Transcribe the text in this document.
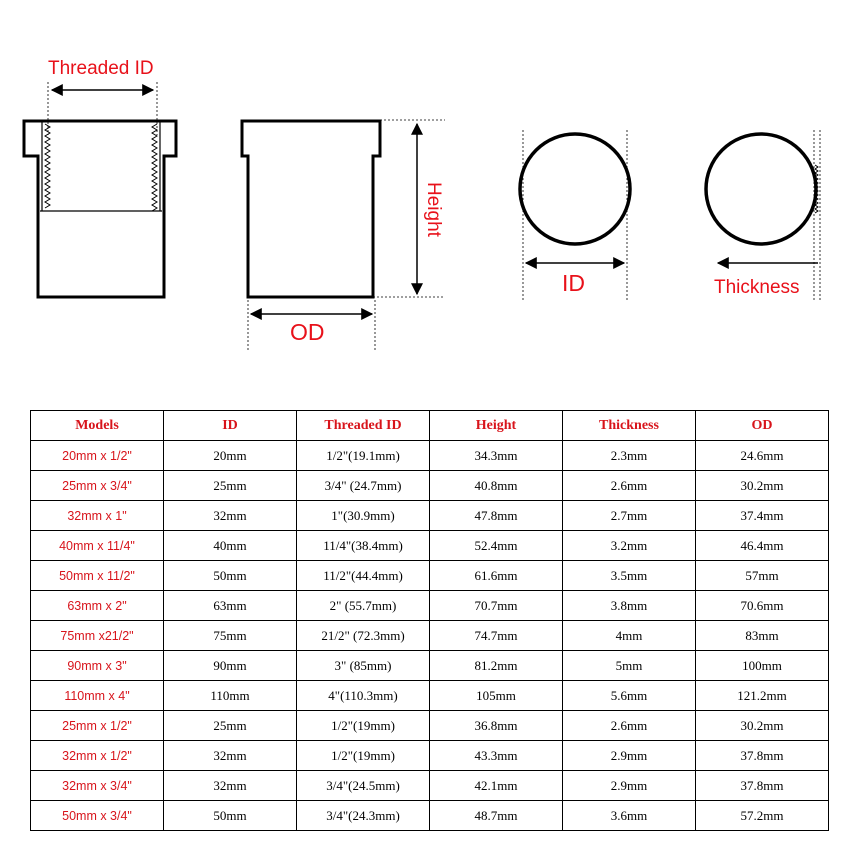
Threaded ID
Height
OD
ID	Thickness
Models	ID	Threaded ID	Height	Thickness	OD
20mm x 1/2"	20mm	1/2"(19.1mm)	34.3mm	2.3mm	24.6mm
25mm x 3/4"	25mm	3/4" (24.7mm)	40.8mm	2.6mm	30.2mm
32mm x 1"	32mm	1"(30.9mm)	47.8mm	2.7mm	37.4mm
40mm x 11/4"	40mm	11/4"(38.4mm)	52.4mm	3.2mm	46.4mm
50mm x 11/2"	50mm	11/2"(44.4mm)	61.6mm	3.5mm	57mm
63mm x 2"	63mm	2" (55.7mm)	70.7mm	3.8mm	70.6mm
75mm x21/2"	75mm	21/2" (72.3mm)	74.7mm	4mm	83mm
90mm x 3"	90mm	3" (85mm)	81.2mm	5mm	100mm
110mm x 4"	110mm	4"(110.3mm)	105mm	5.6mm	121.2mm
25mm x 1/2"	25mm	1/2"(19mm)	36.8mm	2.6mm	30.2mm
32mm x 1/2"	32mm	1/2"(19mm)	43.3mm	2.9mm	37.8mm
32mm x 3/4"	32mm	3/4"(24.5mm)	42.1mm	2.9mm	37.8mm
50mm x 3/4"	50mm	3/4"(24.3mm)	48.7mm	3.6mm	57.2mm
